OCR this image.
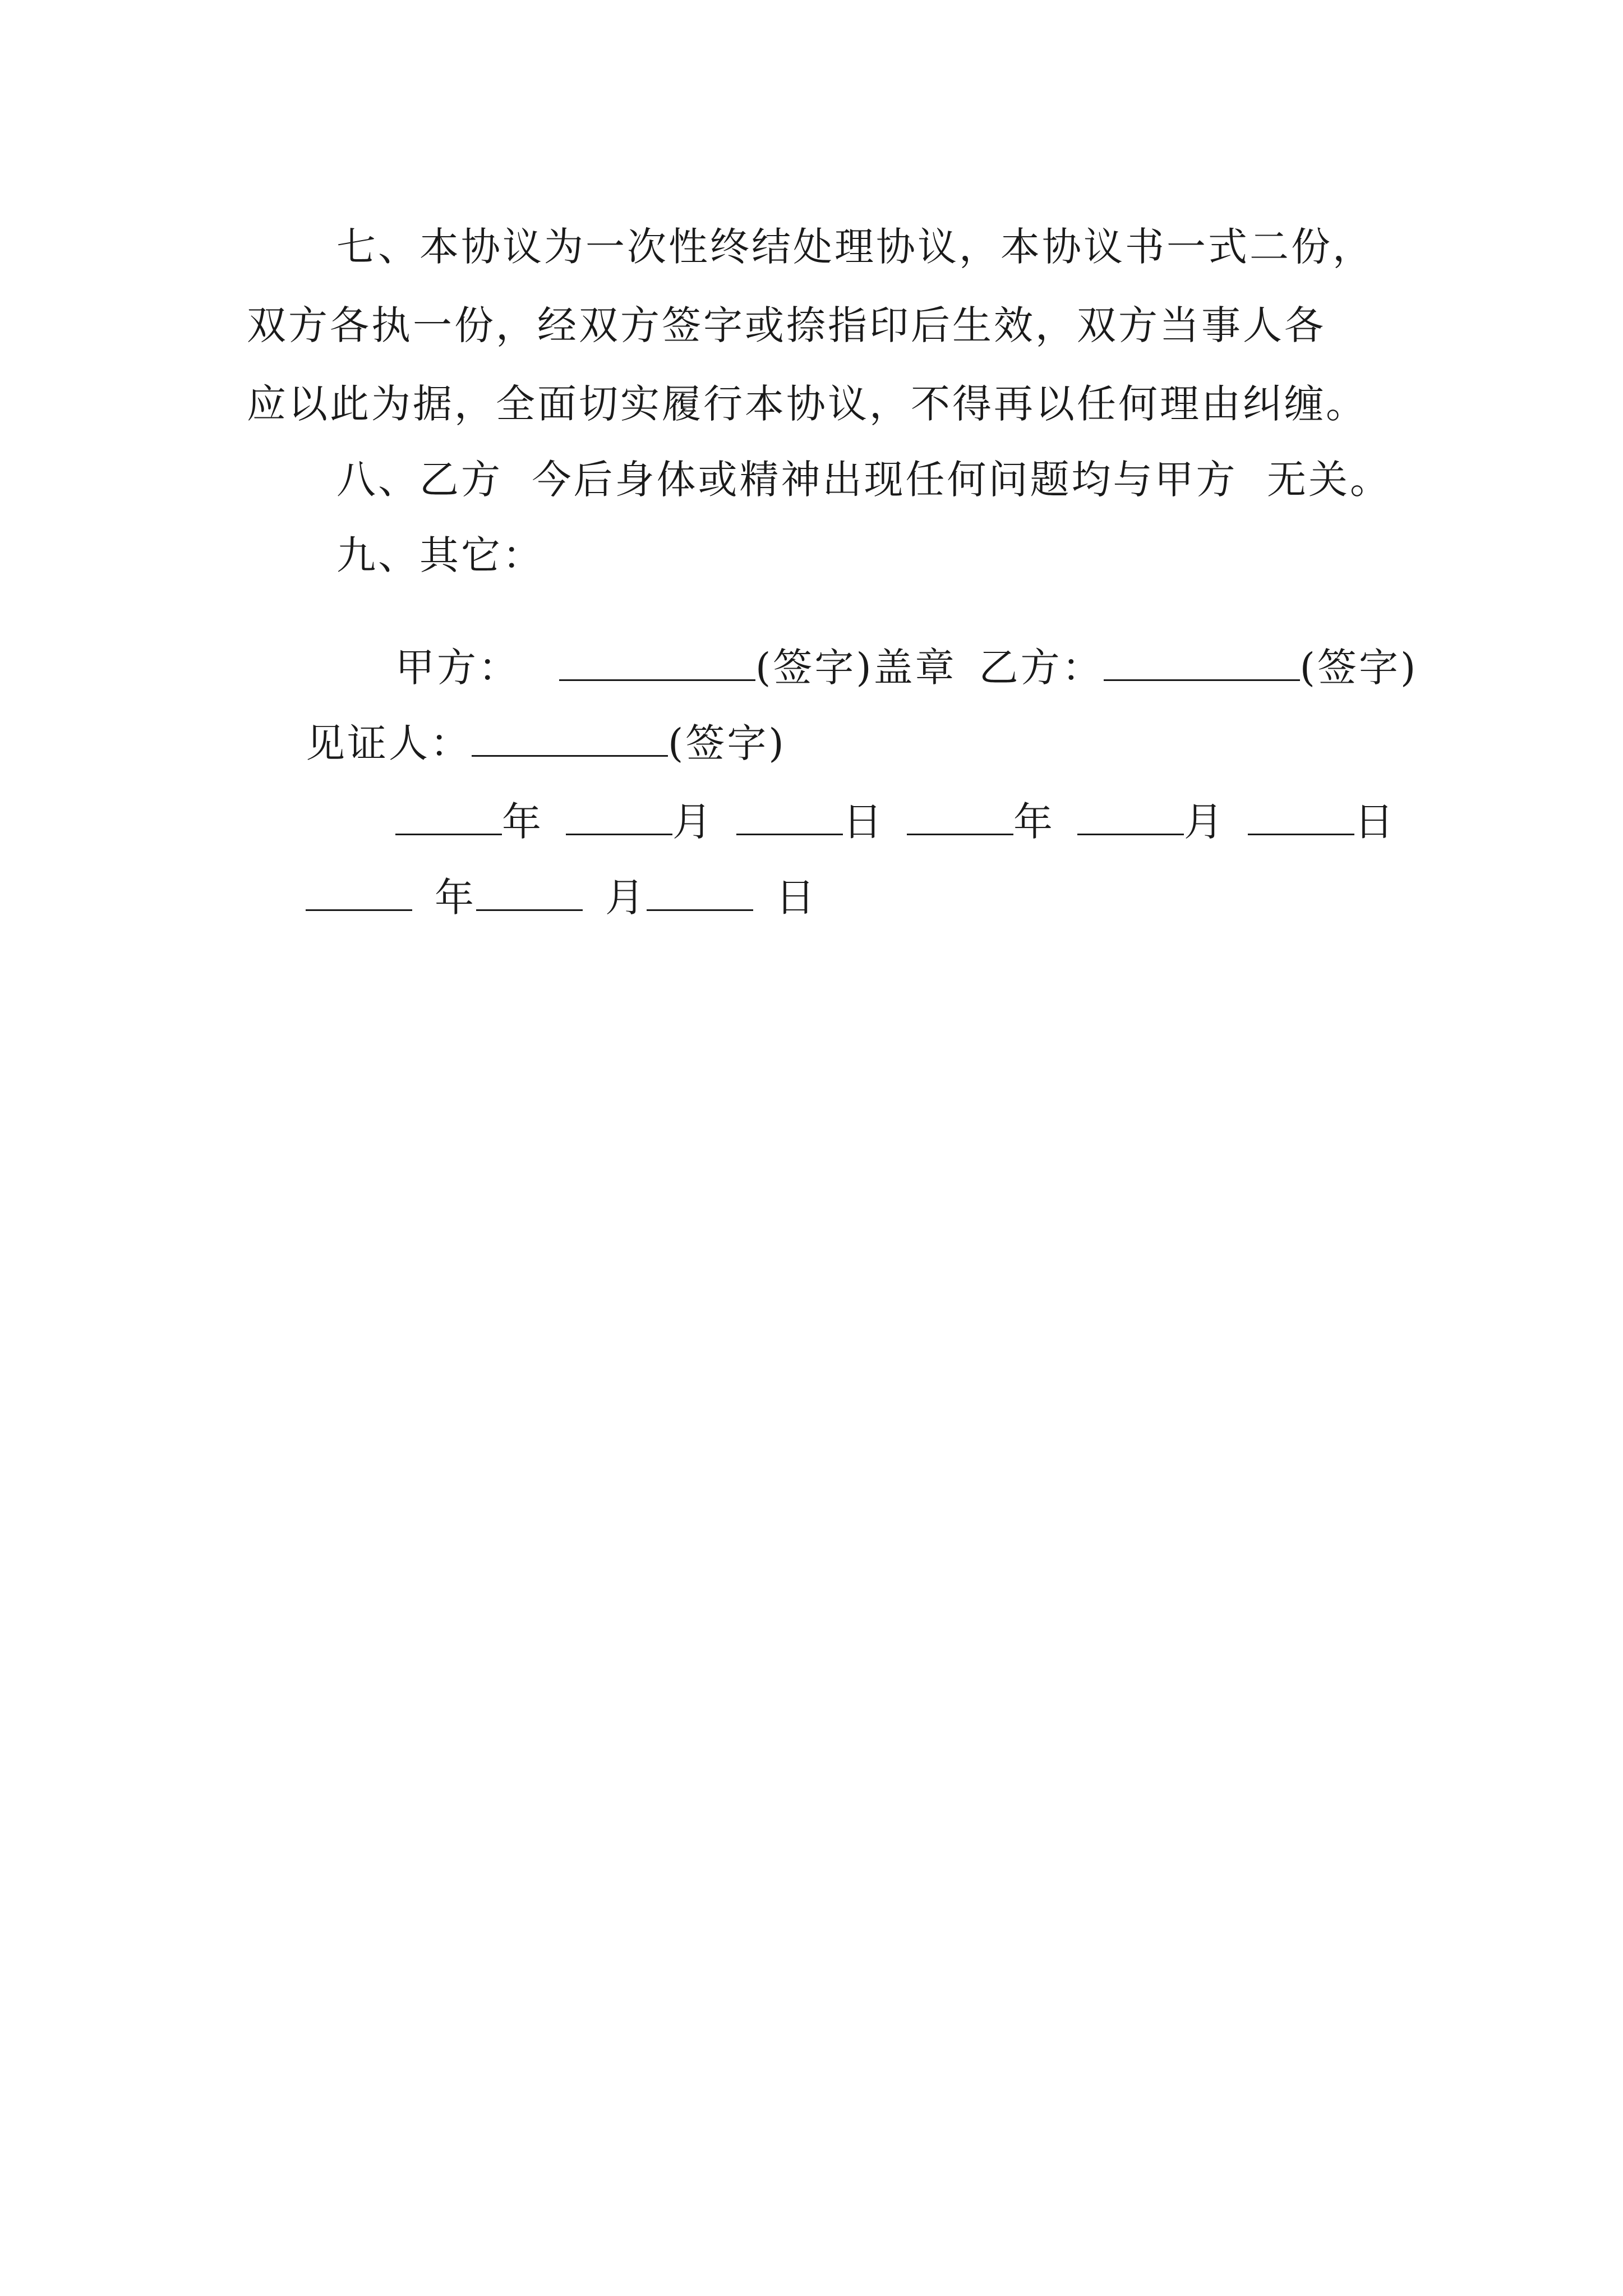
七、本协议为一次性终结处理协议，本协议书一式二份，
双方各执一份，经双方签字或捺指印后生效，双方当事人各
应以此为据，全面切实履行本协议，不得再以任何理由纠缠。
八、乙方  今后身体或精神出现任何问题均与甲方  无关。
九、其它：

甲方：	(签字)盖章 乙方：	(签字)

见证人：	(签字)

年	月	日	年	月	日

年	月	日
